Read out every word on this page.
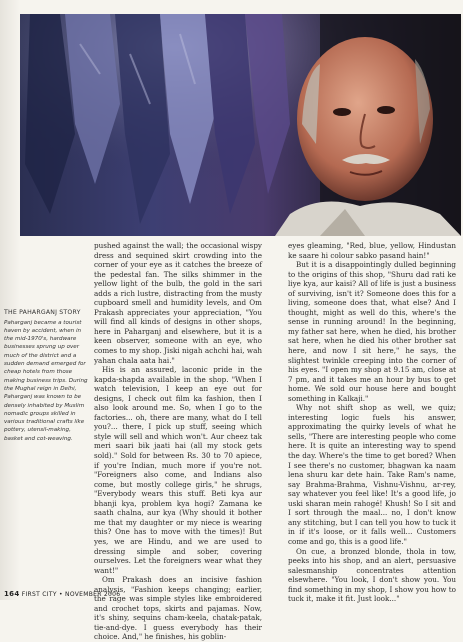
THE PAHARGANJ STORY
Paharganj became a tourist haven by accident, when in the mid-1970's, hardware businesses sprung up over much of the district and a sudden demand emerged for cheap hotels from those making business trips. During the Mughal reign in Delhi, Paharganj was known to be densely inhabited by Muslim nomadic groups skilled in various traditional crafts like pottery, utensil-making, basket and cot-weaving.

pushed against the wall; the occasional wispy dress and sequined skirt crowding into the corner of your eye as it catches the breeze of the pedestal fan. The silks shimmer in the yellow light of the bulb, the gold in the sari adds a rich lustre, distracting from the musty cupboard smell and humidity levels, and Om Prakash appreciates your appreciation, "You will find all kinds of designs in other shops, here in Paharganj and elsewhere, but it is a keen observer, someone with an eye, who comes to my shop. Jiski nigah achchi hai, wah yahan chala aata hai."

His is an assured, laconic pride in the kapda-shapda available in the shop. "When I watch television, I keep an eye out for designs, I check out film ka fashion, then I also look around me. So, when I go to the factories... oh, there are many, what do I tell you?... there, I pick up stuff, seeing which style will sell and which won't. Aur cheez tak meri saari bik jaati hai (all my stock gets sold)." Sold for between Rs. 30 to 70 apiece, if you're Indian, much more if you're not. "Foreigners also come, and Indians also come, but mostly college girls," he shrugs, "Everybody wears this stuff. Beti kya aur bhanji kya, problem kya hogi? Zamana ke saath chalna, aur kya (Why should it bother me that my daughter or my niece is wearing this? One has to move with the times)! But yes, we are Hindu, and we are used to dressing simple and sober, covering ourselves. Let the foreigners wear what they want!"

Om Prakash does an incisive fashion analysis, "Fashion keeps changing; earlier, the rage was simple styles like embroidered and crochet tops, skirts and pajamas. Now, it's shiny, sequins cham-keela, chatak-patak, tie-and-dye. I guess everybody has their choice. And," he finishes, his goblin-

eyes gleaming, "Red, blue, yellow, Hindustan ke saare hi colour sabko pasand hain!"

But it is a disappointingly dulled beginning to the origins of this shop, "Shuru dad rati ke liye kya, aur kaisi? All of life is just a business of surviving, isn't it? Someone does this for a living, someone does that, what else? And I thought, might as well do this, where's the sense in running around! In the beginning, my father sat here, when he died, his brother sat here, when he died his other brother sat here, and now I sit here," he says, the slightest twinkle creeping into the corner of his eyes. "I open my shop at 9.15 am, close at 7 pm, and it takes me an hour by bus to get home. We sold our house here and bought something in Kalkaji."

Why not shift shop as well, we quiz; interesting logic fuels his answer, approximating the quirky levels of what he sells, "There are interesting people who come here. It is quite an interesting way to spend the day. Where's the time to get bored? When I see there's no customer, bhagwan ka naam lena shuru kar dete hain. Take Ram's name, say Brahma-Brahma, Vishnu-Vishnu, ar-rey, say whatever you feel like! It's a good life, jo uski sharan mein rahogé! Khush! So I sit and I sort through the maal... no, I don't know any stitching, but I can tell you how to tuck it in if it's loose, or it falls well... Customers come and go, this is a good life."

On cue, a bronzed blonde, thola in tow, peeks into his shop, and an alert, persuasive salesmanship concentrates attention elsewhere. "You look, I don't show you. You find something in my shop, I show you how to tuck it, make it fit. Just look..."

164 FIRST CITY • NOVEMBER 2006
